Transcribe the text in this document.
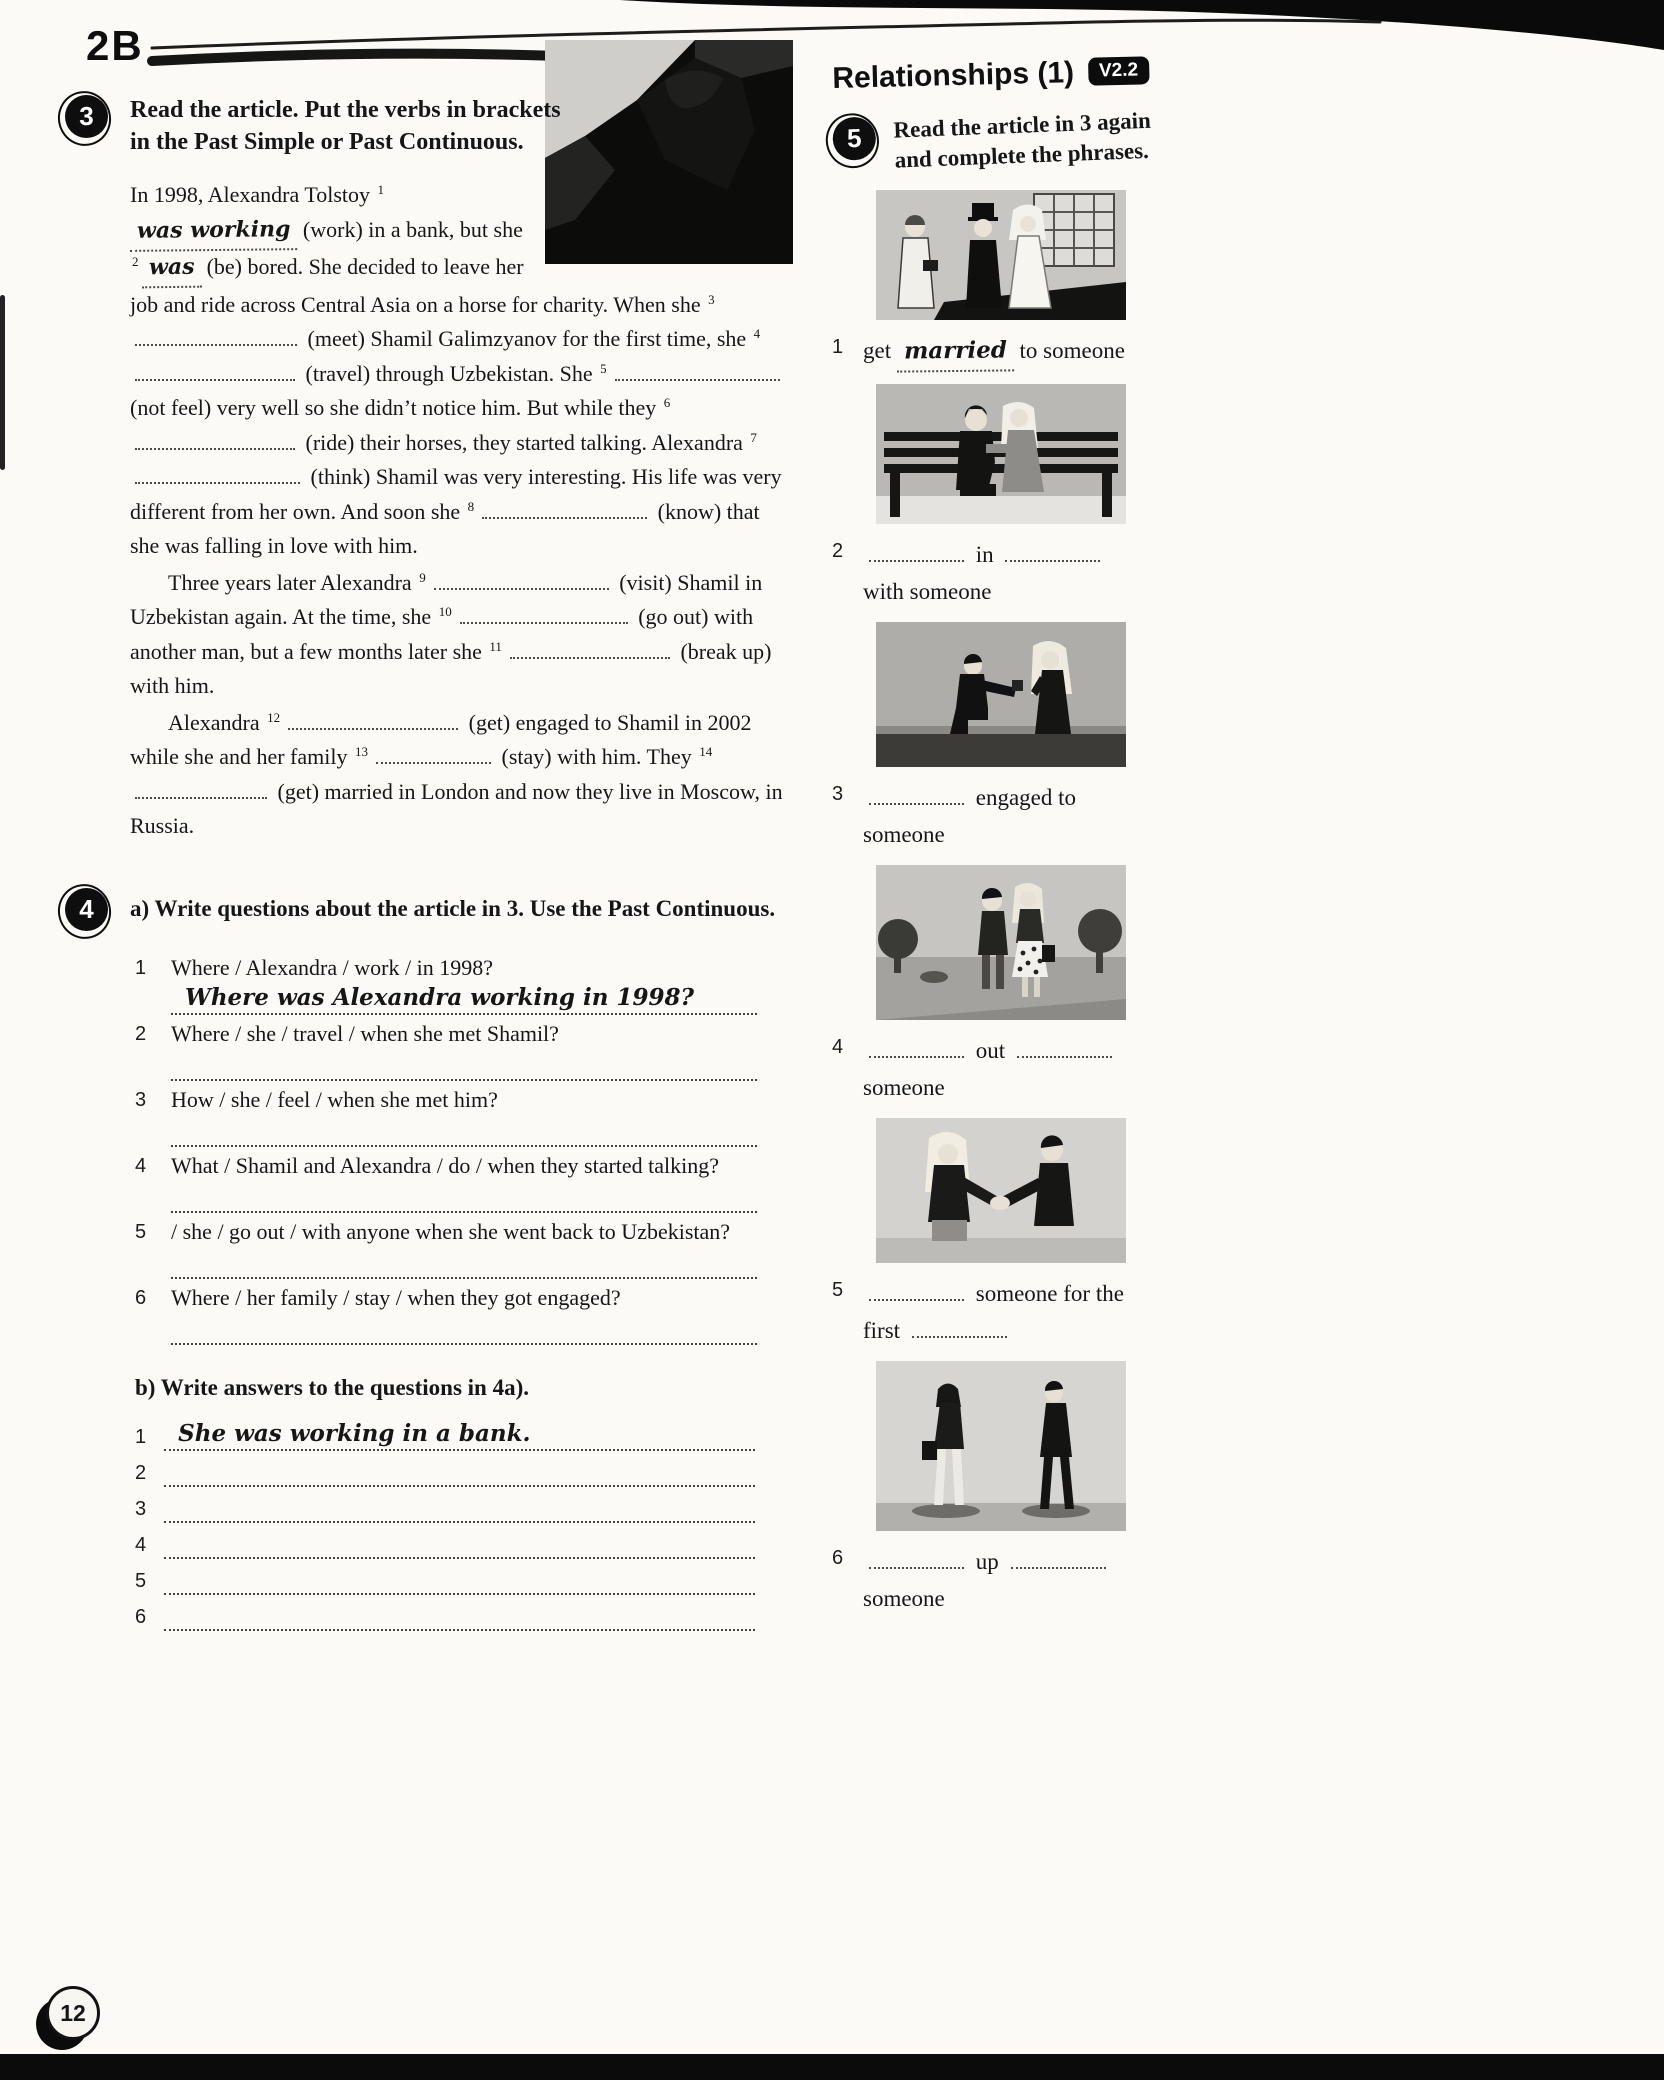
2B
3 Read the article. Put the verbs in brackets in the Past Simple or Past Continuous.

In 1998, Alexandra Tolstoy $^1$was working (work) in a bank, but she $^2$ was (be) bored. She decided to leave her job and ride across Central Asia on a horse for charity. When she $^3$ (meet) Shamil Galimzyanov for the first time, she $^4$ (travel) through Uzbekistan. She $^5$ (not feel) very well so she didn’t notice him. But while they $^6$ (ride) their horses, they started talking. Alexandra $^7$ (think) Shamil was very interesting. His life was very different from her own. And soon she $^8$	(know) that she was falling in love with him.

Three years later Alexandra $^9$	(visit) Shamil in Uzbekistan again. At the time, she $^{10}$	(go out) with another man, but a few months later she $^{11}$	(break up) with him.

Alexandra $^{12}$	(get) engaged to Shamil in 2002 while she and her family $^{13}$	(stay) with him. They $^{14}$ (get) married in London and now they live in Moscow, in Russia.

4 a) Write questions about the article in 3. Use the Past Continuous.
1 Where / Alexandra / work / in 1998?
Where was Alexandra working in 1998?
2 Where / she / travel / when she met Shamil?
3 How / she / feel / when she met him?
4 What / Shamil and Alexandra / do / when they started talking?
5 / she / go out / with anyone when she went back to Uzbekistan?
6 Where / her family / stay / when they got engaged?
b) Write answers to the questions in 4a).
1 She was working in a bank.
2
3
4
5
6
Relationships (1)	V2.2
5 Read the article in 3 again and complete the phrases.
1 get married to someone
2	in  with someone
3	engaged to someone
4	out  someone
5	someone for the first
6	up  someone
12
